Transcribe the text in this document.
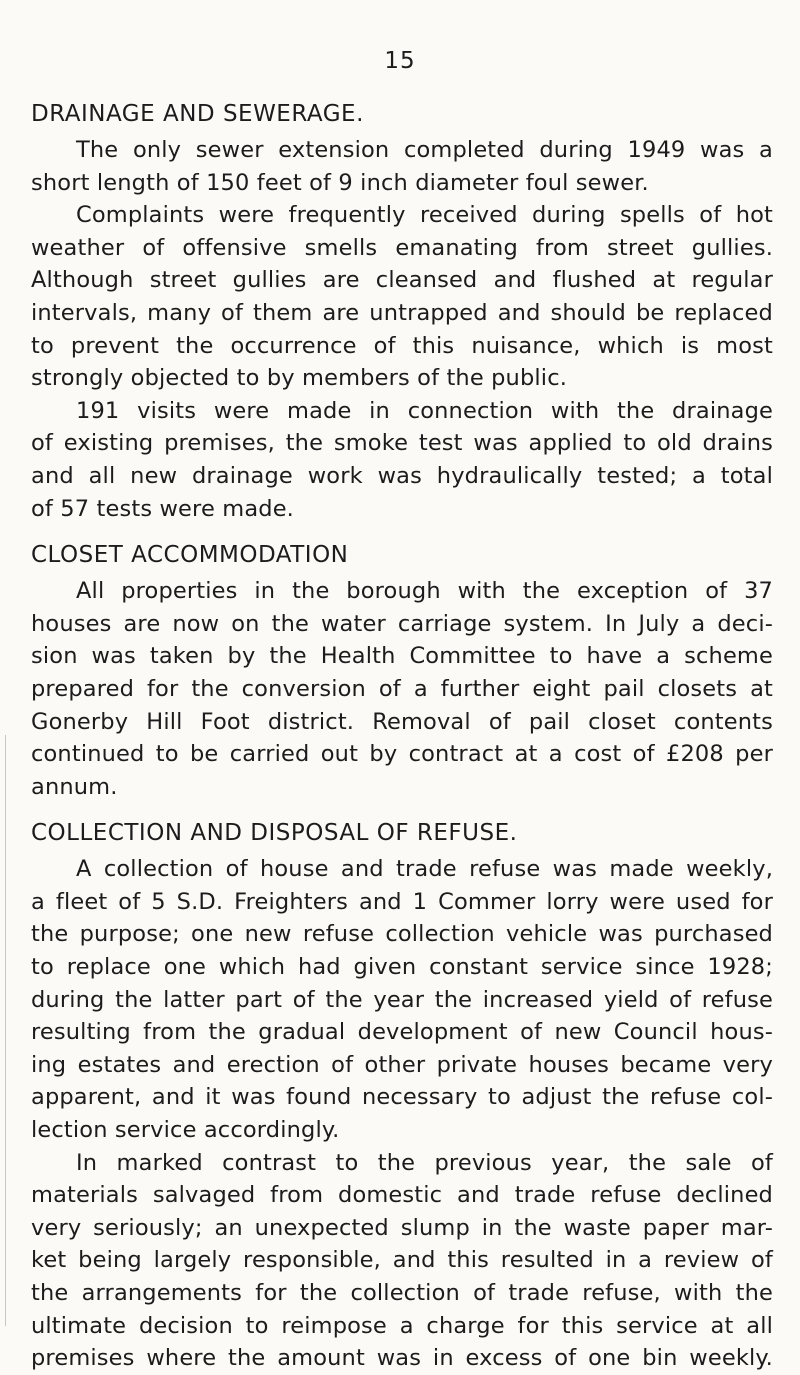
15
DRAINAGE AND SEWERAGE.

The only sewer extension completed during 1949 was a
short length of 150 feet of 9 inch diameter foul sewer.

Complaints were frequently received during spells of hot
weather of offensive smells emanating from street gullies.
Although street gullies are cleansed and flushed at regular
intervals, many of them are untrapped and should be replaced
to prevent the occurrence of this nuisance, which is most
strongly objected to by members of the public.

191 visits were made in connection with the drainage
of existing premises, the smoke test was applied to old drains
and all new drainage work was hydraulically tested; a total
of 57 tests were made.

CLOSET ACCOMMODATION

All properties in the borough with the exception of 37
houses are now on the water carriage system. In July a deci-
sion was taken by the Health Committee to have a scheme
prepared for the conversion of a further eight pail closets at
Gonerby Hill Foot district. Removal of pail closet contents
continued to be carried out by contract at a cost of £208 per
annum.

COLLECTION AND DISPOSAL OF REFUSE.

A collection of house and trade refuse was made weekly,
a fleet of 5 S.D. Freighters and 1 Commer lorry were used for
the purpose; one new refuse collection vehicle was purchased
to replace one which had given constant service since 1928;
during the latter part of the year the increased yield of refuse
resulting from the gradual development of new Council hous-
ing estates and erection of other private houses became very
apparent, and it was found necessary to adjust the refuse col-
lection service accordingly.

In marked contrast to the previous year, the sale of
materials salvaged from domestic and trade refuse declined
very seriously; an unexpected slump in the waste paper mar-
ket being largely responsible, and this resulted in a review of
the arrangements for the collection of trade refuse, with the
ultimate decision to reimpose a charge for this service at all
premises where the amount was in excess of one bin weekly.
